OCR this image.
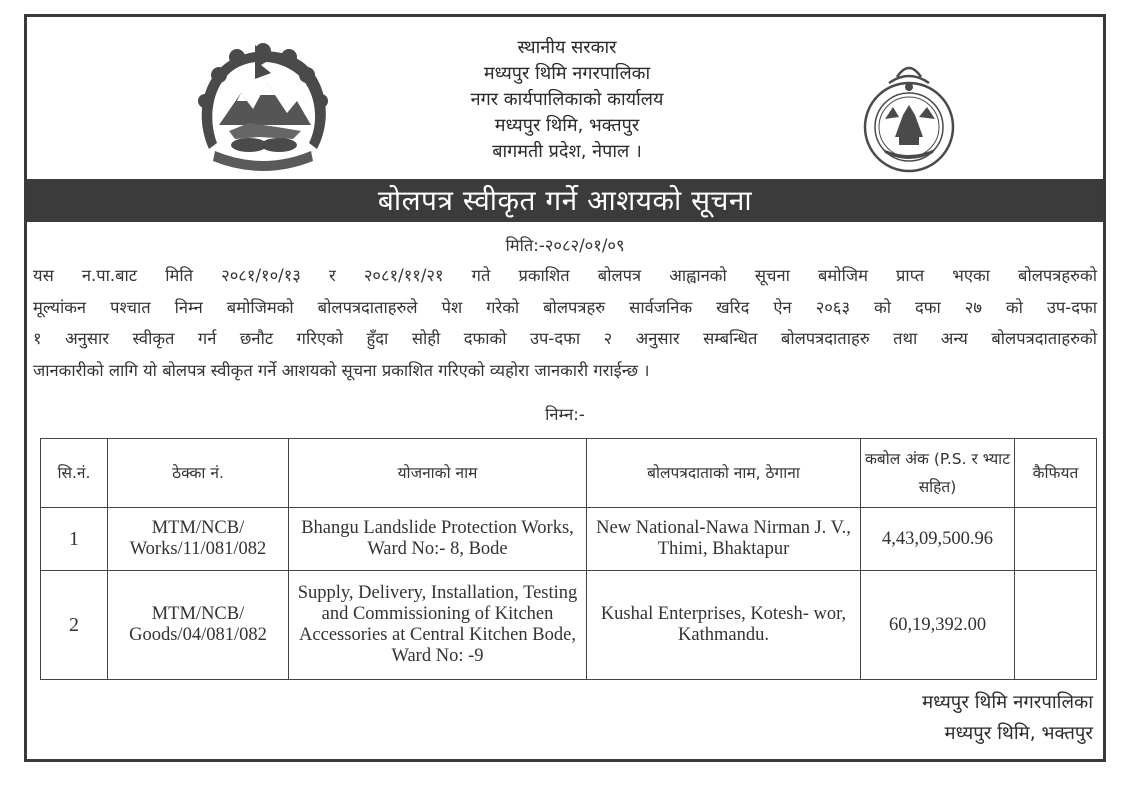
स्थानीय सरकार
मध्यपुर थिमि नगरपालिका
नगर कार्यपालिकाको कार्यालय
मध्यपुर थिमि, भक्तपुर
बागमती प्रदेश, नेपाल ।
बोलपत्र स्वीकृत गर्ने आशयको सूचना
मिति:-२०८२/०१/०९
यस न.पा.बाट मिति २०८१/१०/१३ र २०८१/११/२१ गते प्रकाशित बोलपत्र आह्वानको सूचना बमोजिम प्राप्त भएका बोलपत्रहरुको
मूल्यांकन पश्चात निम्न बमोजिमको बोलपत्रदाताहरुले पेश गरेको बोलपत्रहरु सार्वजनिक खरिद ऐन २०६३ को दफा २७ को उप-दफा
१ अनुसार स्वीकृत गर्न छनौट गरिएको हुँदा सोही दफाको उप-दफा २ अनुसार सम्बन्धित बोलपत्रदाताहरु तथा अन्य बोलपत्रदाताहरुको
जानकारीको लागि यो बोलपत्र स्वीकृत गर्ने आशयको सूचना प्रकाशित गरिएको व्यहोरा जानकारी गराईन्छ ।
निम्न:-
सि.नं.	ठेक्का नं.	योजनाको नाम	बोलपत्रदाताको नाम, ठेगाना	कबोल अंक (P.S. र भ्याट सहित)	कैफियत
1	MTM/NCB/ Works/11/081/082	Bhangu Landslide Protection Works, Ward No:- 8, Bode	New National-Nawa Nirman J. V., Thimi, Bhaktapur	4,43,09,500.96	
2	MTM/NCB/ Goods/04/081/082	Supply, Delivery, Installation, Testing and Commissioning of Kitchen Accessories at Central Kitchen Bode, Ward No: -9	Kushal Enterprises, Kotesh- wor, Kathmandu.	60,19,392.00	
मध्यपुर थिमि नगरपालिका
मध्यपुर थिमि, भक्तपुर
